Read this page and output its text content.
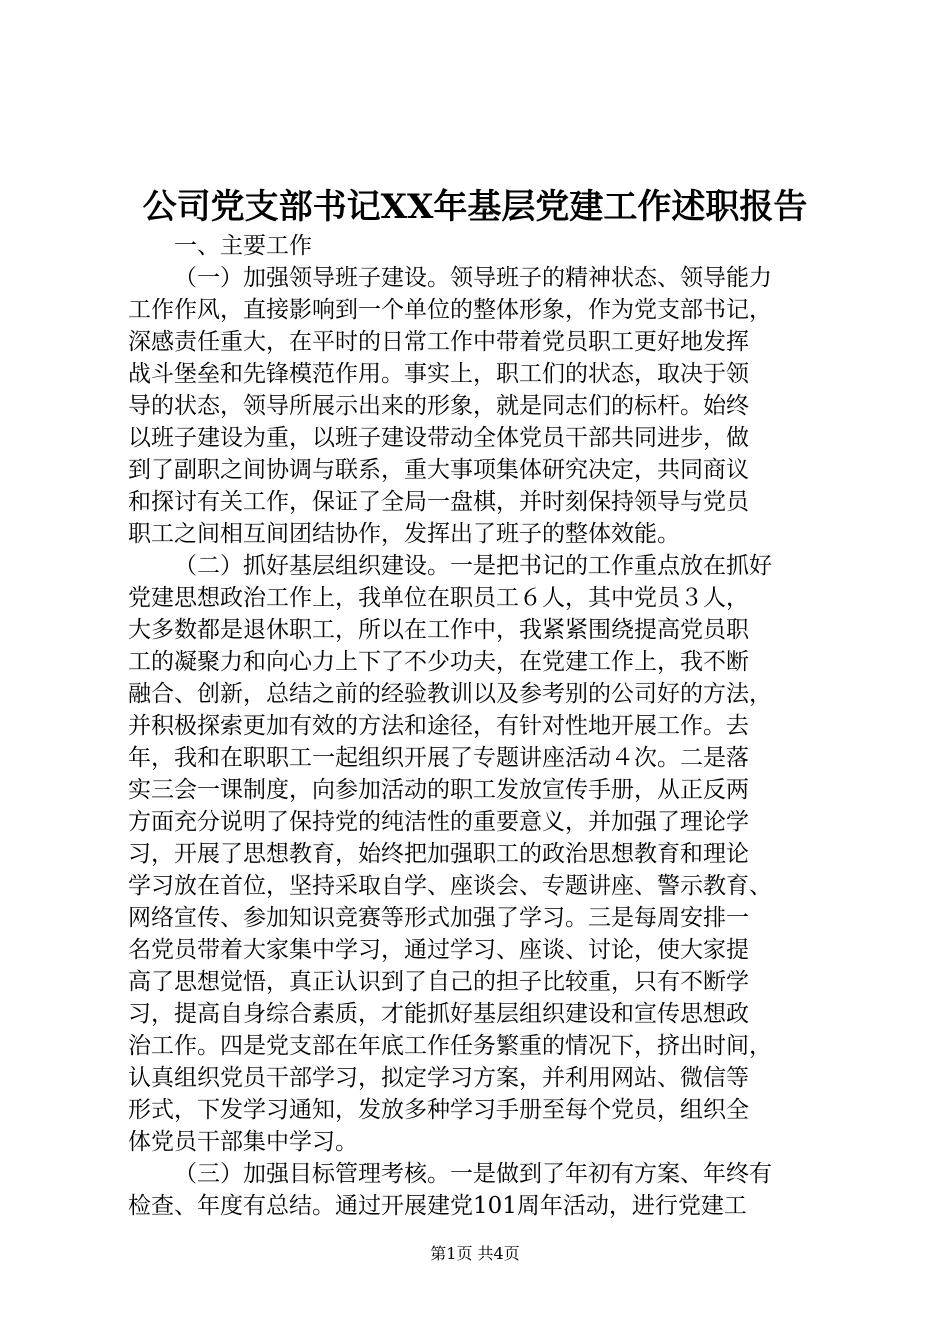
公司党支部书记XX年基层党建工作述职报告
一、主要工作
（一）加强领导班子建设。领导班子的精神状态、领导能力
工作作风，直接影响到一个单位的整体形象，作为党支部书记，
深感责任重大，在平时的日常工作中带着党员职工更好地发挥
战斗堡垒和先锋模范作用。事实上，职工们的状态，取决于领
导的状态，领导所展示出来的形象，就是同志们的标杆。始终
以班子建设为重，以班子建设带动全体党员干部共同进步，做
到了副职之间协调与联系，重大事项集体研究决定，共同商议
和探讨有关工作，保证了全局一盘棋，并时刻保持领导与党员
职工之间相互间团结协作，发挥出了班子的整体效能。
（二）抓好基层组织建设。一是把书记的工作重点放在抓好
党建思想政治工作上，我单位在职员工６人，其中党员３人，
大多数都是退休职工，所以在工作中，我紧紧围绕提高党员职
工的凝聚力和向心力上下了不少功夫，在党建工作上，我不断
融合、创新，总结之前的经验教训以及参考别的公司好的方法，
并积极探索更加有效的方法和途径，有针对性地开展工作。去
年，我和在职职工一起组织开展了专题讲座活动４次。二是落
实三会一课制度，向参加活动的职工发放宣传手册，从正反两
方面充分说明了保持党的纯洁性的重要意义，并加强了理论学
习，开展了思想教育，始终把加强职工的政治思想教育和理论
学习放在首位，坚持采取自学、座谈会、专题讲座、警示教育、
网络宣传、参加知识竞赛等形式加强了学习。三是每周安排一
名党员带着大家集中学习，通过学习、座谈、讨论，使大家提
高了思想觉悟，真正认识到了自己的担子比较重，只有不断学
习，提高自身综合素质，才能抓好基层组织建设和宣传思想政
治工作。四是党支部在年底工作任务繁重的情况下，挤出时间，
认真组织党员干部学习，拟定学习方案，并利用网站、微信等
形式，下发学习通知，发放多种学习手册至每个党员，组织全
体党员干部集中学习。
（三）加强目标管理考核。一是做到了年初有方案、年终有
检查、年度有总结。通过开展建党101周年活动，进行党建工
第1页 共4页
